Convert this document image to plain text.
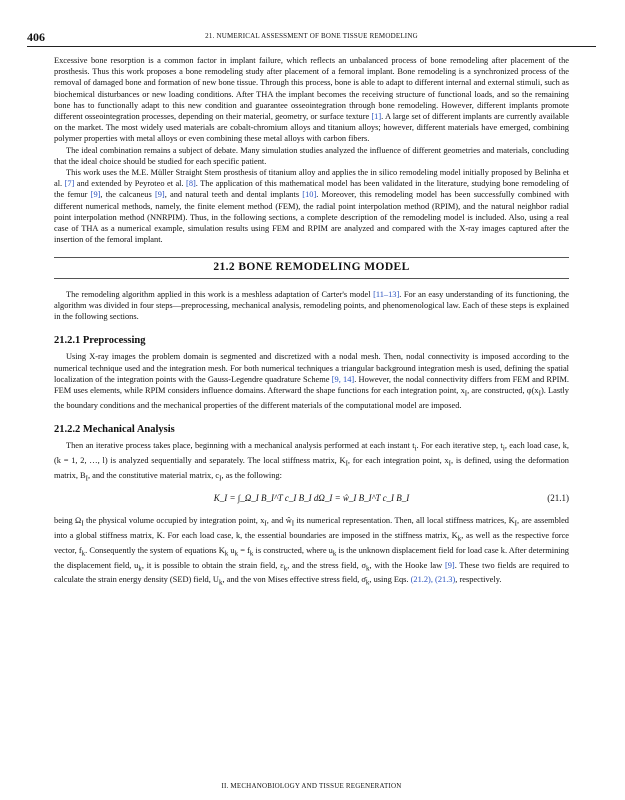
406	21. NUMERICAL ASSESSMENT OF BONE TISSUE REMODELING

Excessive bone resorption is a common factor in implant failure, which reflects an unbalanced process of bone remodeling after placement of the prosthesis. Thus this work proposes a bone remodeling study after placement of a femoral implant. Bone remodeling is a synchronized process of the removal of damaged bone and formation of new bone tissue. Through this process, bone is able to adapt to different internal and external stimuli, such as biochemical disturbances or new loading conditions. After THA the implant becomes the receiving structure of functional loads, and so the remaining bone has to functionally adapt to this new condition and guarantee osseointegration through bone remodeling. However, different implants promote different osseointegration processes, depending on their material, geometry, or surface texture [1]. A large set of different implants are currently available on the market. The most widely used materials are cobalt-chromium alloys and titanium alloys; however, different materials have emerged, combining polymer properties with metal alloys or even combining these metal alloys with carbon fibers.

The ideal combination remains a subject of debate. Many simulation studies analyzed the influence of different geometries and materials, concluding that the ideal choice should be studied for each specific patient.

This work uses the M.E. Müller Straight Stem prosthesis of titanium alloy and applies the in silico remodeling model initially proposed by Belinha et al. [7] and extended by Peyroteo et al. [8]. The application of this mathematical model has been validated in the literature, studying bone remodeling of the femur [9], the calcaneus [9], and natural teeth and dental implants [10]. Moreover, this remodeling model has been successfully combined with different numerical methods, namely, the finite element method (FEM), the radial point interpolation method (RPIM), and the natural neighbor radial point interpolation method (NNRPIM). Thus, in the following sections, a complete description of the remodeling model is included. Also, using a real case of THA as a numerical example, simulation results using FEM and RPIM are analyzed and compared with the X-ray images captured after the insertion of the femoral implant.

21.2 BONE REMODELING MODEL

The remodeling algorithm applied in this work is a meshless adaptation of Carter's model [11–13]. For an easy understanding of its functioning, the algorithm was divided in four steps—preprocessing, mechanical analysis, remodeling points, and phenomenological law. Each of these steps is explained in the following sections.

21.2.1 Preprocessing

Using X-ray images the problem domain is segmented and discretized with a nodal mesh. Then, nodal connectivity is imposed according to the numerical technique used and the integration mesh. For both numerical techniques a triangular background integration mesh is used, defining the spatial localization of the integration points with the Gauss-Legendre quadrature Scheme [9, 14]. However, the nodal connectivity differs from FEM and RPIM. FEM uses elements, while RPIM considers influence domains. Afterward the shape functions for each integration point, $x_I$, are constructed, $\varphi(x_I)$. Lastly the boundary conditions and the mechanical properties of the different materials of the computational model are imposed.

21.2.2 Mechanical Analysis

Then an iterative process takes place, beginning with a mechanical analysis performed at each instant $t_i$. For each iterative step, $t_i$, each load case, k, (k = 1, 2, …, l) is analyzed sequentially and separately. The local stiffness matrix, $K_I$, for each integration point, $x_I$, is defined, using the deformation matrix, $B_I$, and the constitutive material matrix, $c_I$, as the following:

K_I = ∫_Ω_I B_I^T c_I B_I dΩ_I = ŵ_I B_I^T c_I B_I	(21.1)

being $\Omega_I$ the physical volume occupied by integration point, $x_I$, and $ŵ_I$ its numerical representation. Then, all local stiffness matrices, $K_I$, are assembled into a global stiffness matrix, K. For each load case, k, the essential boundaries are imposed in the stiffness matrix, $K_k$, as well as the respective force vector, $f_k$. Consequently the system of equations $K_k$ $u_k = f_k$ is constructed, where $u_k$ is the unknown displacement field for load case k. After determining the displacement field, $u_k$, it is possible to obtain the strain field, $\varepsilon_k$, and the stress field, $\sigma_k$, with the Hooke law [9]. These two fields are required to calculate the strain energy density (SED) field, $U_k$, and the von Mises effective stress field, $\sigmā_k$, using Eqs. (21.2), (21.3), respectively.

II. MECHANOBIOLOGY AND TISSUE REGENERATION
